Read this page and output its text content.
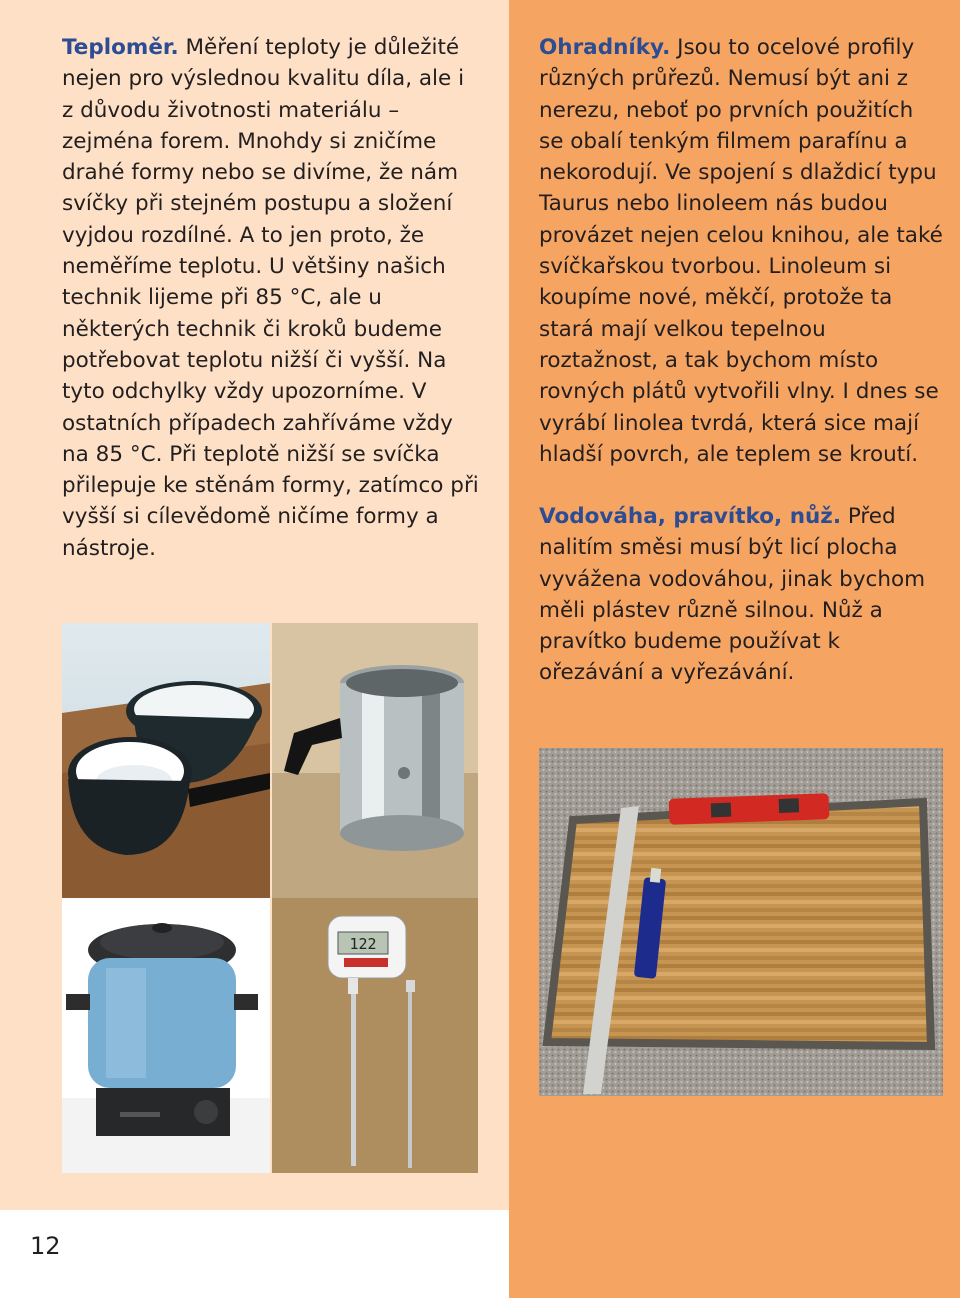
Teploměr. Měření teploty je důležité nejen pro výslednou kvalitu díla, ale i z důvodu životnosti materiálu – zejména forem. Mnohdy si zničíme drahé formy nebo se divíme, že nám svíčky při stejném postupu a složení vyjdou rozdílné. A to jen proto, že neměříme teplotu. U většiny našich technik lijeme při 85 °C, ale u některých technik či kroků budeme potřebovat teplotu nižší či vyšší. Na tyto odchylky vždy upozorníme. V ostatních případech zahříváme vždy na 85 °C. Při teplotě nižší se svíčka přilepuje ke stěnám formy, zatímco při vyšší si cílevědomě ničíme formy a nástroje.
Ohradníky. Jsou to ocelové profily různých průřezů. Nemusí být ani z nerezu, neboť po prvních použitích se obalí tenkým filmem parafínu a nekorodují. Ve spojení s dlaždicí typu Taurus nebo linoleem nás budou provázet nejen celou knihou, ale také svíčkařskou tvorbou. Linoleum si koupíme nové, měkčí, protože ta stará mají velkou tepelnou roztažnost, a tak bychom místo rovných plátů vytvořili vlny. I dnes se vyrábí linolea tvrdá, která sice mají hladší povrch, ale teplem se kroutí.
Vodováha, pravítko, nůž. Před nalitím směsi musí být licí plocha vyvážena vodováhou, jinak bychom měli plástev různě silnou. Nůž a pravítko budeme používat k ořezávání a vyřezávání.
122
12
